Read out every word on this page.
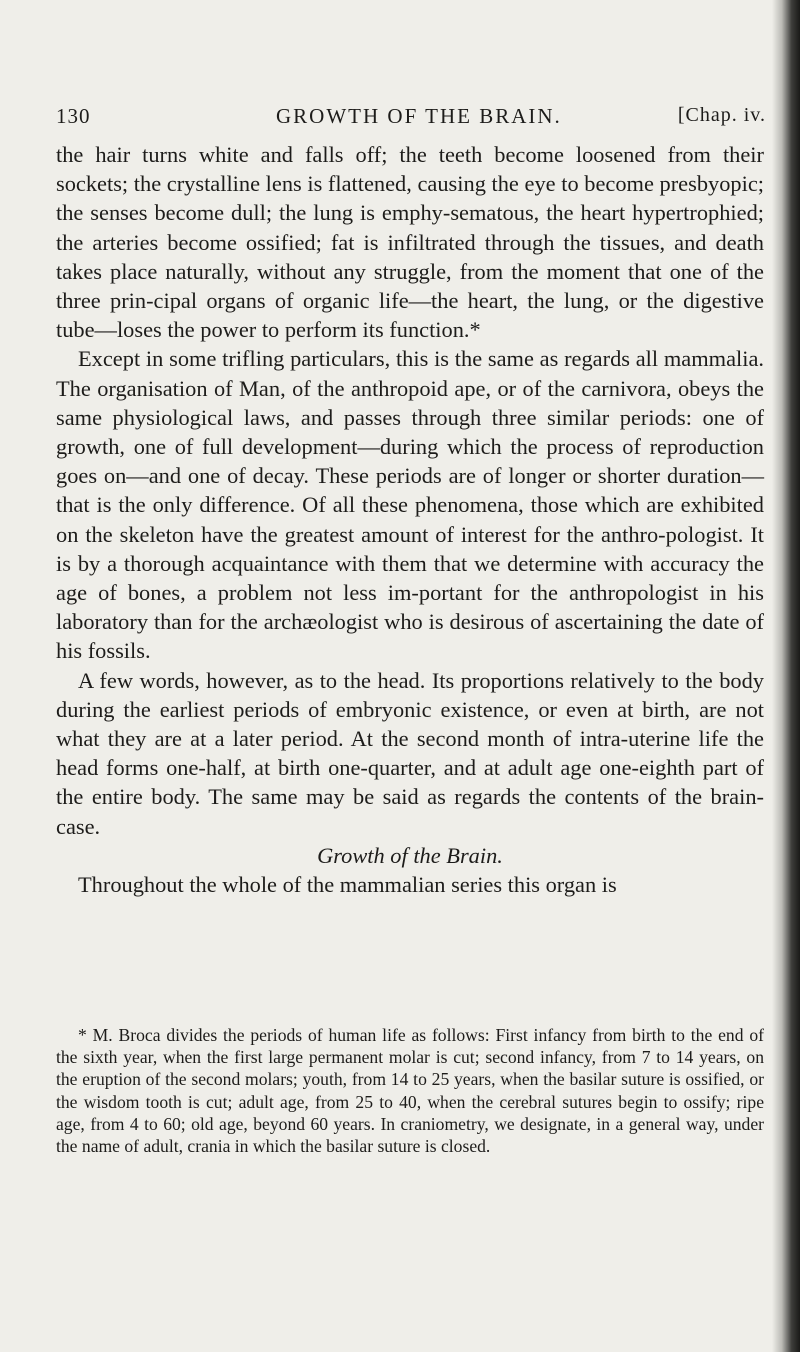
130	GROWTH OF THE BRAIN.	[Chap. iv.

the hair turns white and falls off; the teeth become loosened from their sockets; the crystalline lens is flattened, causing the eye to become presbyopic; the senses become dull; the lung is emphy-sematous, the heart hypertrophied; the arteries become ossified; fat is infiltrated through the tissues, and death takes place naturally, without any struggle, from the moment that one of the three prin-cipal organs of organic life—the heart, the lung, or the digestive tube—loses the power to perform its function.*

Except in some trifling particulars, this is the same as regards all mammalia. The organisation of Man, of the anthropoid ape, or of the carnivora, obeys the same physiological laws, and passes through three similar periods: one of growth, one of full development—during which the process of reproduction goes on—and one of decay. These periods are of longer or shorter duration—that is the only difference. Of all these phenomena, those which are exhibited on the skeleton have the greatest amount of interest for the anthro-pologist. It is by a thorough acquaintance with them that we determine with accuracy the age of bones, a problem not less im-portant for the anthropologist in his laboratory than for the archæologist who is desirous of ascertaining the date of his fossils.

A few words, however, as to the head. Its proportions relatively to the body during the earliest periods of embryonic existence, or even at birth, are not what they are at a later period. At the second month of intra-uterine life the head forms one-half, at birth one-quarter, and at adult age one-eighth part of the entire body. The same may be said as regards the contents of the brain-case.

Growth of the Brain.

Throughout the whole of the mammalian series this organ is

* M. Broca divides the periods of human life as follows: First infancy from birth to the end of the sixth year, when the first large permanent molar is cut; second infancy, from 7 to 14 years, on the eruption of the second molars; youth, from 14 to 25 years, when the basilar suture is ossified, or the wisdom tooth is cut; adult age, from 25 to 40, when the cerebral sutures begin to ossify; ripe age, from 4 to 60; old age, beyond 60 years. In craniometry, we designate, in a general way, under the name of adult, crania in which the basilar suture is closed.
